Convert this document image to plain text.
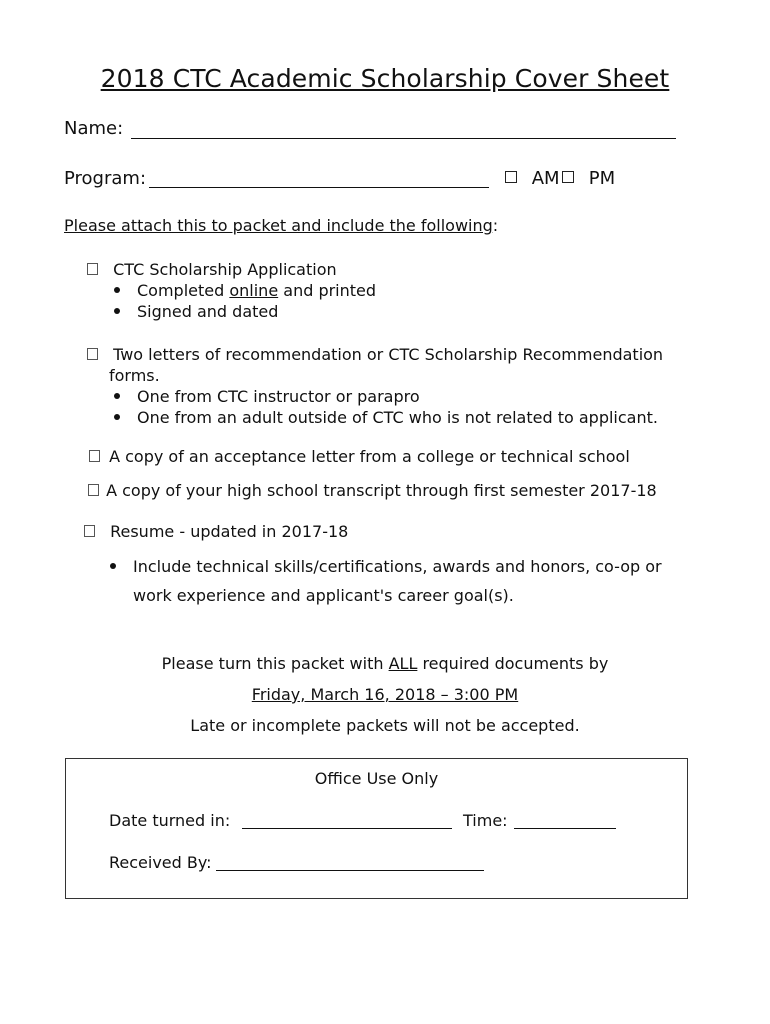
2018 CTC Academic Scholarship Cover Sheet
Name:
Program:	AM	PM
Please attach this to packet and include the following:
CTC Scholarship Application
Completed online and printed
Signed and dated
Two letters of recommendation or CTC Scholarship Recommendation
forms.
One from CTC instructor or parapro
One from an adult outside of CTC who is not related to applicant.
A copy of an acceptance letter from a college or technical school
A copy of your high school transcript through first semester 2017-18
Resume - updated in 2017-18
Include technical skills/certifications, awards and honors, co-op or
work experience and applicant's career goal(s).
Please turn this packet with ALL required documents by
Friday, March 16, 2018 – 3:00 PM
Late or incomplete packets will not be accepted.
Office Use Only
Date turned in:	Time:
Received By:
